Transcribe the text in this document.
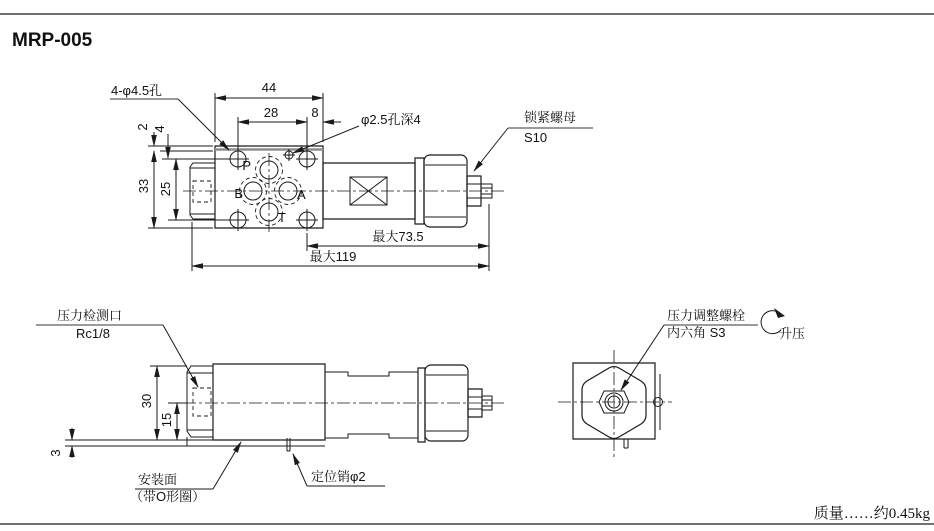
MRP-005
P
B	A
T
44
28	8
2 4
33 25
最大73.5
最大119
4-φ4.5孔
φ2.5孔深4	锁紧螺母
S10
30
15
3
压力检测口
Rc1/8
安装面
（带O形圈）
定位销φ2
压力调整螺栓
内六角 S3	升压
质量……约0.45kg
